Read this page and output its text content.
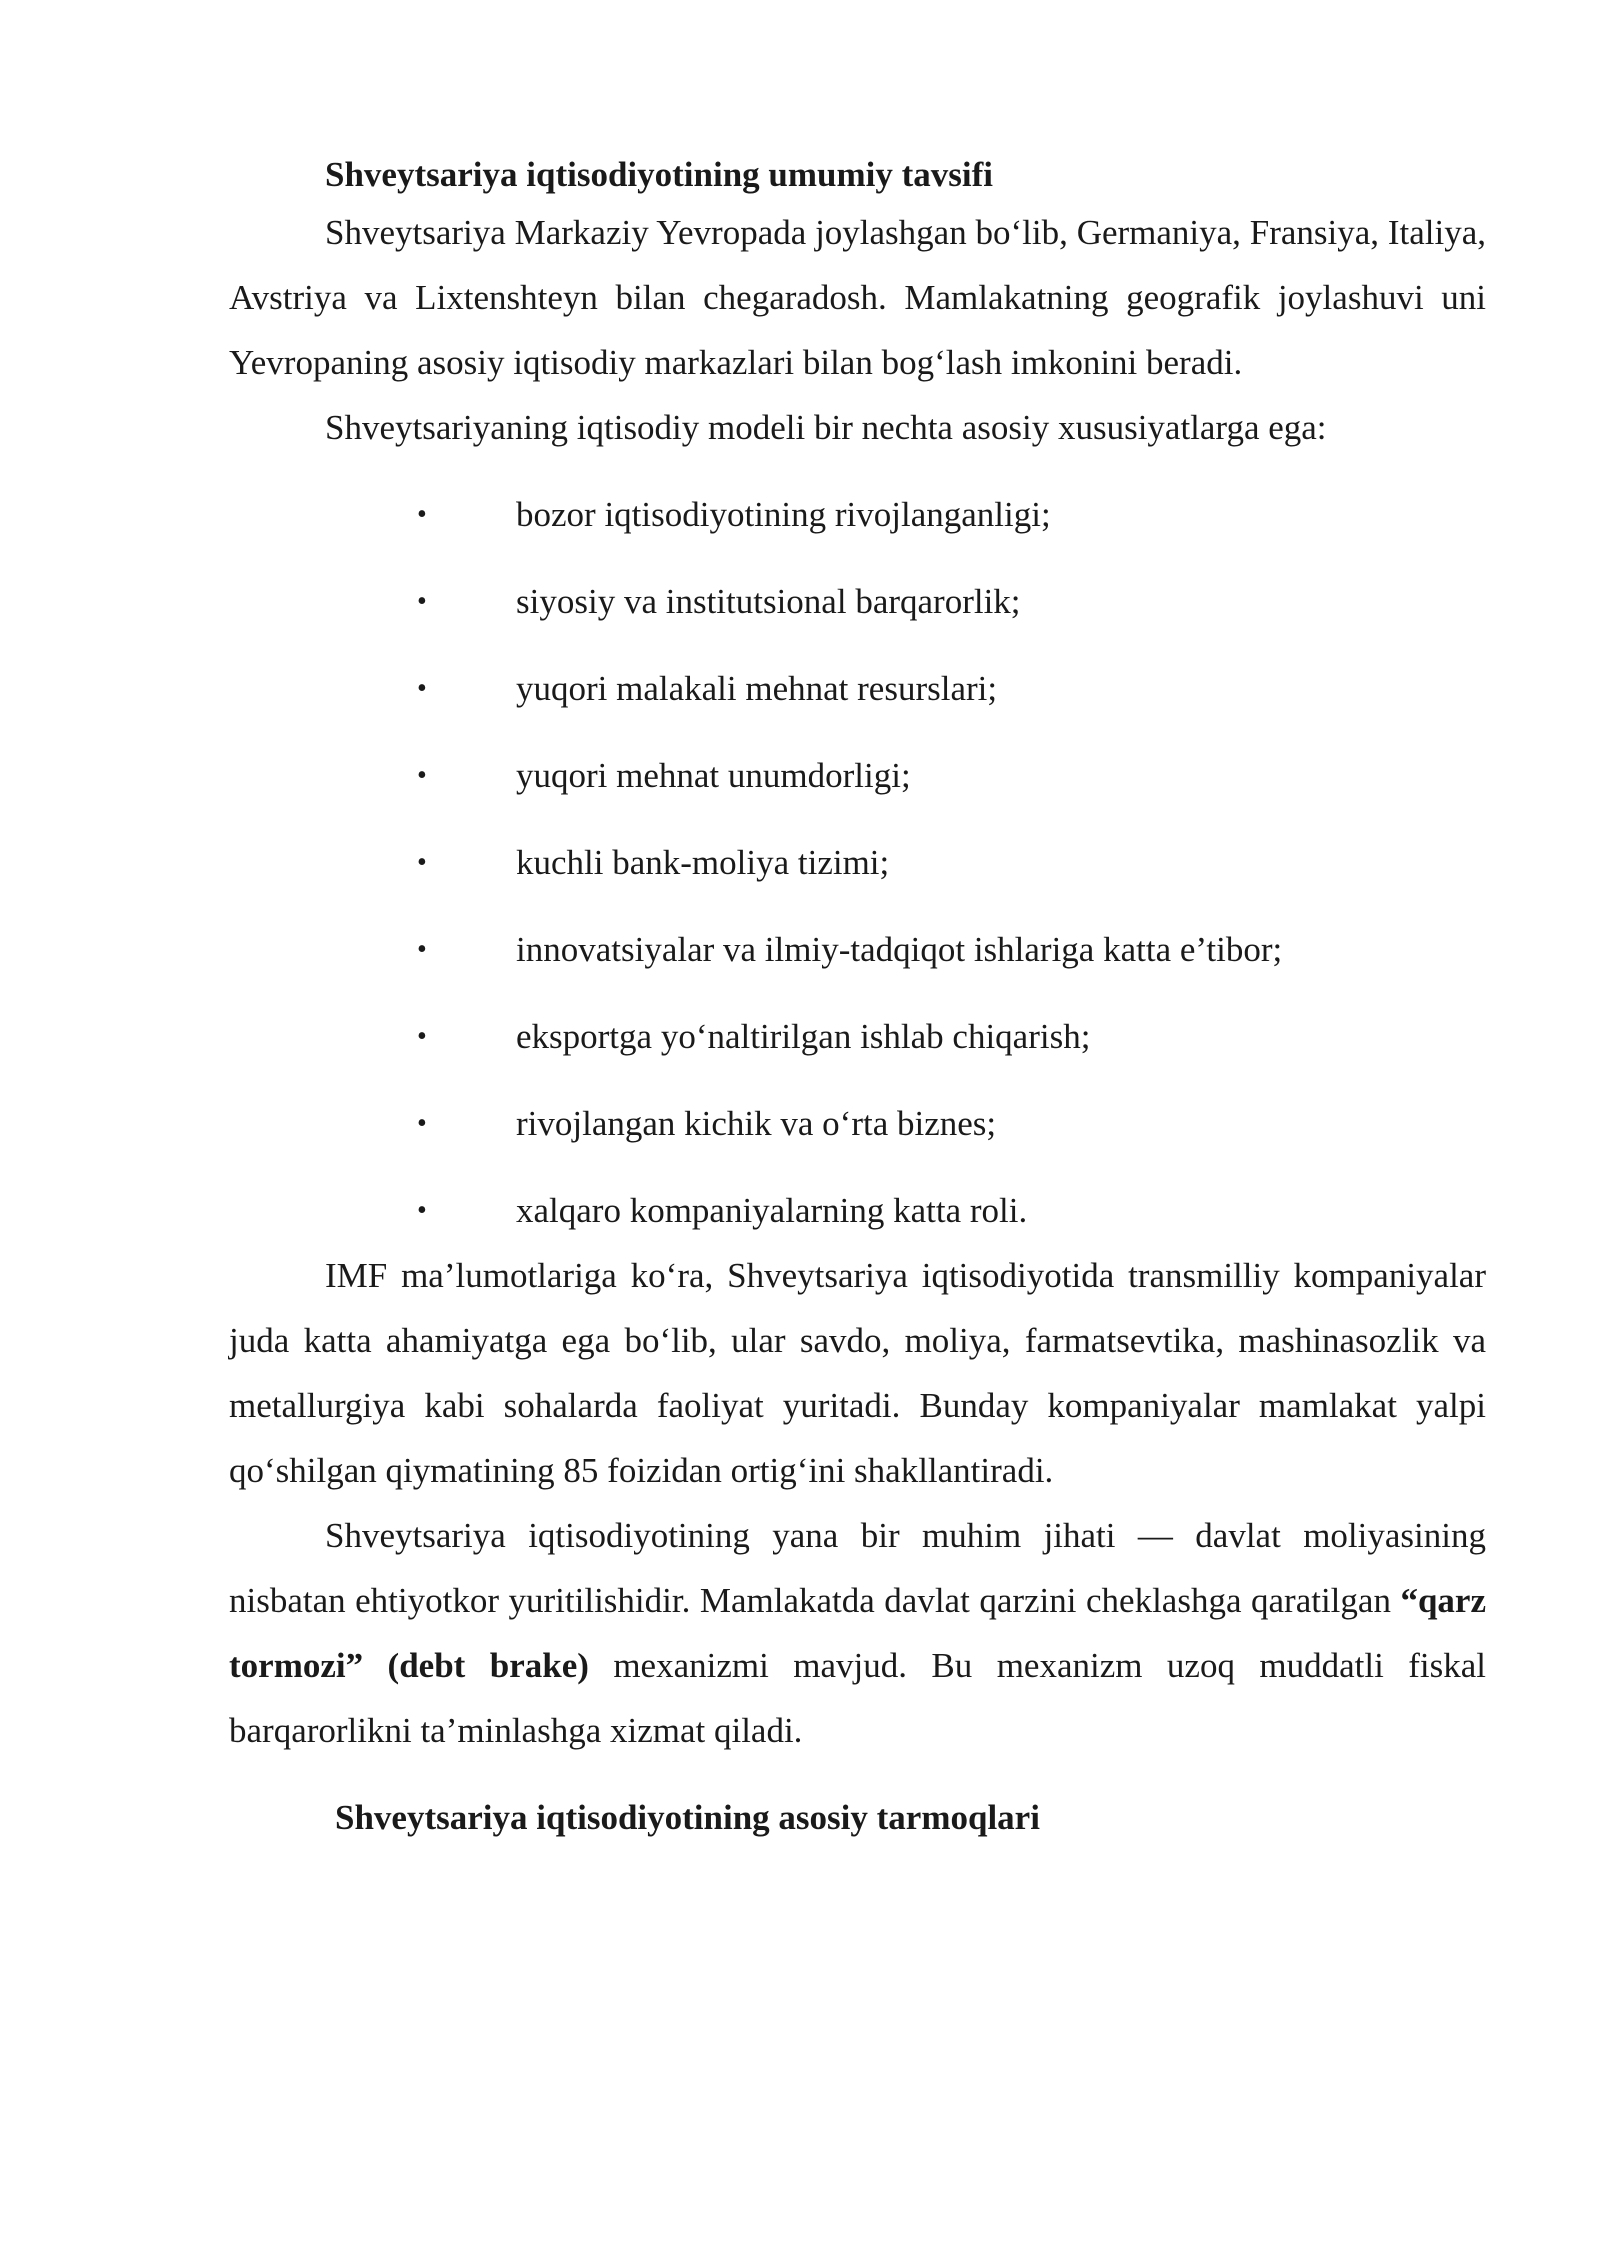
Shveytsariya iqtisodiyotining umumiy tavsifi

Shveytsariya Markaziy Yevropada joylashgan bo‘lib, Germaniya, Fransiya, Italiya, Avstriya va Lixtenshteyn bilan chegaradosh. Mamlakatning geografik joylashuvi uni Yevropaning asosiy iqtisodiy markazlari bilan bog‘lash imkonini beradi.

Shveytsariyaning iqtisodiy modeli bir nechta asosiy xususiyatlarga ega:

•	bozor iqtisodiyotining rivojlanganligi;
•	siyosiy va institutsional barqarorlik;
•	yuqori malakali mehnat resurslari;
•	yuqori mehnat unumdorligi;
•	kuchli bank-moliya tizimi;
•	innovatsiyalar va ilmiy-tadqiqot ishlariga katta e’tibor;
•	eksportga yo‘naltirilgan ishlab chiqarish;
•	rivojlangan kichik va o‘rta biznes;
•	xalqaro kompaniyalarning katta roli.

IMF ma’lumotlariga ko‘ra, Shveytsariya iqtisodiyotida transmilliy kompaniyalar juda katta ahamiyatga ega bo‘lib, ular savdo, moliya, farmatsevtika, mashinasozlik va metallurgiya kabi sohalarda faoliyat yuritadi. Bunday kompaniyalar mamlakat yalpi qo‘shilgan qiymatining 85 foizidan ortig‘ini shakllantiradi.

Shveytsariya iqtisodiyotining yana bir muhim jihati — davlat moliyasining nisbatan ehtiyotkor yuritilishidir. Mamlakatda davlat qarzini cheklashga qaratilgan “qarz tormozi” (debt brake) mexanizmi mavjud. Bu mexanizm uzoq muddatli fiskal barqarorlikni ta’minlashga xizmat qiladi.

Shveytsariya iqtisodiyotining asosiy tarmoqlari
